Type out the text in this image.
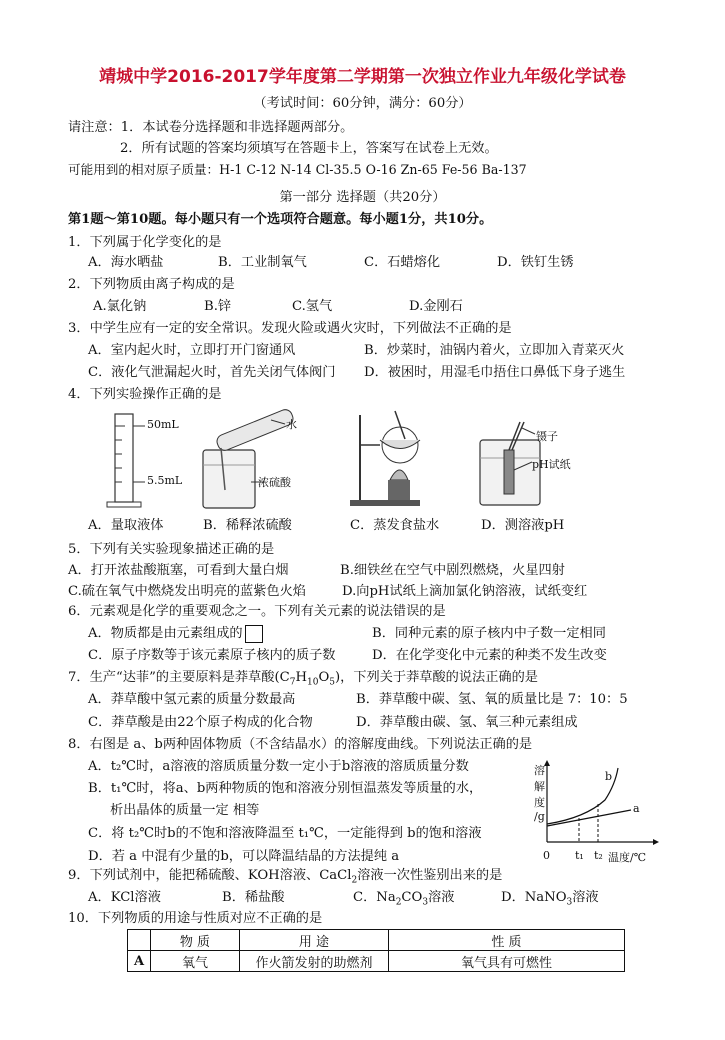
靖城中学2016-2017学年度第二学期第一次独立作业九年级化学试卷
（考试时间：60分钟，满分：60分）
请注意：1．本试卷分选择题和非选择题两部分。
2．所有试题的答案均须填写在答题卡上，答案写在试卷上无效。
可能用到的相对原子质量：H-1 C-12 N-14 Cl-35.5 O-16 Zn-65 Fe-56 Ba-137
第一部分 选择题（共20分）
第1题～第10题。每小题只有一个选项符合题意。每小题1分，共10分。
1．下列属于化学变化的是
A．海水晒盐	B．工业制氧气	C．石蜡熔化	D．铁钉生锈
2．下列物质由离子构成的是
A.氯化钠	B.锌	C.氢气	D.金刚石
3．中学生应有一定的安全常识。发现火险或遇火灾时，下列做法不正确的是
A．室内起火时，立即打开门窗通风	B．炒菜时，油锅内着火，立即加入青菜灭火
C．液化气泄漏起火时，首先关闭气体阀门 D．被困时，用湿毛巾捂住口鼻低下身子逃生
4．下列实验操作正确的是
50mL
5.5mL
水
浓硫酸
镊子
pH试纸
A．量取液体	B．稀释浓硫酸	C．蒸发食盐水	D．测溶液pH
5．下列有关实验现象描述正确的是
A．打开浓盐酸瓶塞，可看到大量白烟	B.细铁丝在空气中剧烈燃烧，火星四射
C.硫在氧气中燃烧发出明亮的蓝紫色火焰	D.向pH试纸上滴加氯化钠溶液，试纸变红
6．元素观是化学的重要观念之一。下列有关元素的说法错误的是
A．物质都是由元素组成的	B．同种元素的原子核内中子数一定相同
C．原子序数等于该元素原子核内的质子数	D．在化学变化中元素的种类不发生改变
7．生产“达菲”的主要原料是莽草酸$(C_7H_{10}O_5)$，下列关于莽草酸的说法正确的是
A．莽草酸中氢元素的质量分数最高	B．莽草酸中碳、氢、氧的质量比是 7：10：5
C．莽草酸是由22个原子构成的化合物	D．莽草酸由碳、氢、氧三种元素组成
8．右图是 a、b两种固体物质（不含结晶水）的溶解度曲线。下列说法正确的是
A．t₂℃时，a溶液的溶质质量分数一定小于b溶液的溶质质量分数
B．t₁℃时，将a、b两种物质的饱和溶液分别恒温蒸发等质量的水，
析出晶体的质量一定 相等
C．将 t₂℃时b的不饱和溶液降温至 t₁℃，一定能得到 b的饱和溶液
D．若 a 中混有少量的b，可以降温结晶的方法提纯 a
溶
解
度
/g
0 t₁ t₂ 温度/℃
b
a
9．下列试剂中，能把稀硫酸、KOH溶液、CaCl$_2$溶液一次性鉴别出来的是
A．KCl溶液	B．稀盐酸	C．$Na_2CO_3$溶液	D．NaNO$_3$溶液
10．下列物质的用途与性质对应不正确的是
	物 质	用 途	性 质
A	氧气	作火箭发射的助燃剂	氧气具有可燃性
